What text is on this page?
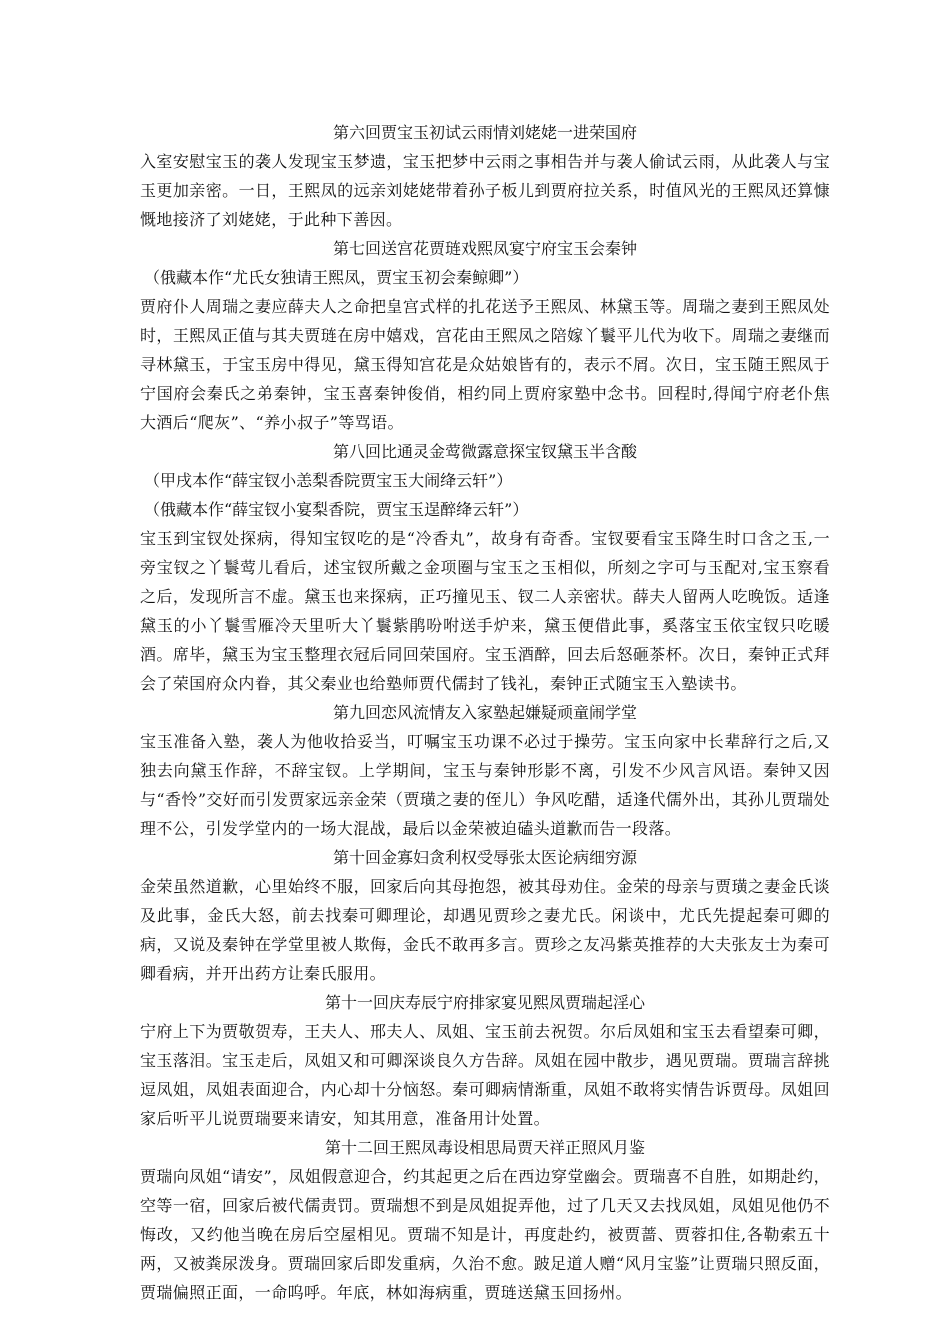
第六回贾宝玉初试云雨情刘姥姥一进荣国府

入室安慰宝玉的袭人发现宝玉梦遗，宝玉把梦中云雨之事相告并与袭人偷试云雨，从此袭人与宝玉更加亲密。一日，王熙凤的远亲刘姥姥带着孙子板儿到贾府拉关系，时值风光的王熙凤还算慷慨地接济了刘姥姥，于此种下善因。

第七回送宫花贾琏戏熙凤宴宁府宝玉会秦钟

（俄藏本作“尤氏女独请王熙凤，贾宝玉初会秦鲸卿”）

贾府仆人周瑞之妻应薛夫人之命把皇宫式样的扎花送予王熙凤、林黛玉等。周瑞之妻到王熙凤处时，王熙凤正值与其夫贾琏在房中嬉戏，宫花由王熙凤之陪嫁丫鬟平儿代为收下。周瑞之妻继而寻林黛玉，于宝玉房中得见，黛玉得知宫花是众姑娘皆有的，表示不屑。次日，宝玉随王熙凤于宁国府会秦氏之弟秦钟，宝玉喜秦钟俊俏，相约同上贾府家塾中念书。回程时,得闻宁府老仆焦大酒后“爬灰”、“养小叔子”等骂语。

第八回比通灵金莺微露意探宝钗黛玉半含酸

（甲戌本作“薛宝钗小恙梨香院贾宝玉大闹绛云轩”）

（俄藏本作“薛宝钗小宴梨香院，贾宝玉逞醉绛云轩”）

宝玉到宝钗处探病，得知宝钗吃的是“冷香丸”，故身有奇香。宝钗要看宝玉降生时口含之玉,一旁宝钗之丫鬟莺儿看后，述宝钗所戴之金项圈与宝玉之玉相似，所刻之字可与玉配对,宝玉察看之后，发现所言不虚。黛玉也来探病，正巧撞见玉、钗二人亲密状。薛夫人留两人吃晚饭。适逢黛玉的小丫鬟雪雁冷天里听大丫鬟紫鹃吩咐送手炉来，黛玉便借此事，奚落宝玉依宝钗只吃暖酒。席毕，黛玉为宝玉整理衣冠后同回荣国府。宝玉酒醉，回去后怒砸茶杯。次日，秦钟正式拜会了荣国府众内眷，其父秦业也给塾师贾代儒封了钱礼，秦钟正式随宝玉入塾读书。

第九回恋风流情友入家塾起嫌疑顽童闹学堂

宝玉准备入塾，袭人为他收拾妥当，叮嘱宝玉功课不必过于操劳。宝玉向家中长辈辞行之后,又独去向黛玉作辞，不辞宝钗。上学期间，宝玉与秦钟形影不离，引发不少风言风语。秦钟又因与“香怜”交好而引发贾家远亲金荣（贾璜之妻的侄儿）争风吃醋，适逢代儒外出，其孙儿贾瑞处理不公，引发学堂内的一场大混战，最后以金荣被迫磕头道歉而告一段落。

第十回金寡妇贪利权受辱张太医论病细穷源

金荣虽然道歉，心里始终不服，回家后向其母抱怨，被其母劝住。金荣的母亲与贾璜之妻金氏谈及此事，金氏大怒，前去找秦可卿理论，却遇见贾珍之妻尤氏。闲谈中，尤氏先提起秦可卿的病，又说及秦钟在学堂里被人欺侮，金氏不敢再多言。贾珍之友冯紫英推荐的大夫张友士为秦可卿看病，并开出药方让秦氏服用。

第十一回庆寿辰宁府排家宴见熙凤贾瑞起淫心

宁府上下为贾敬贺寿，王夫人、邢夫人、凤姐、宝玉前去祝贺。尔后凤姐和宝玉去看望秦可卿，宝玉落泪。宝玉走后，凤姐又和可卿深谈良久方告辞。凤姐在园中散步，遇见贾瑞。贾瑞言辞挑逗凤姐，凤姐表面迎合，内心却十分恼怒。秦可卿病情渐重，凤姐不敢将实情告诉贾母。凤姐回家后听平儿说贾瑞要来请安，知其用意，准备用计处置。

第十二回王熙凤毒设相思局贾天祥正照风月鉴

贾瑞向凤姐“请安”，凤姐假意迎合，约其起更之后在西边穿堂幽会。贾瑞喜不自胜，如期赴约，空等一宿，回家后被代儒责罚。贾瑞想不到是凤姐捉弄他，过了几天又去找凤姐，凤姐见他仍不悔改，又约他当晚在房后空屋相见。贾瑞不知是计，再度赴约，被贾蔷、贾蓉扣住,各勒索五十两，又被粪尿泼身。贾瑞回家后即发重病，久治不愈。跛足道人赠“风月宝鉴”让贾瑞只照反面，贾瑞偏照正面，一命呜呼。年底，林如海病重，贾琏送黛玉回扬州。
